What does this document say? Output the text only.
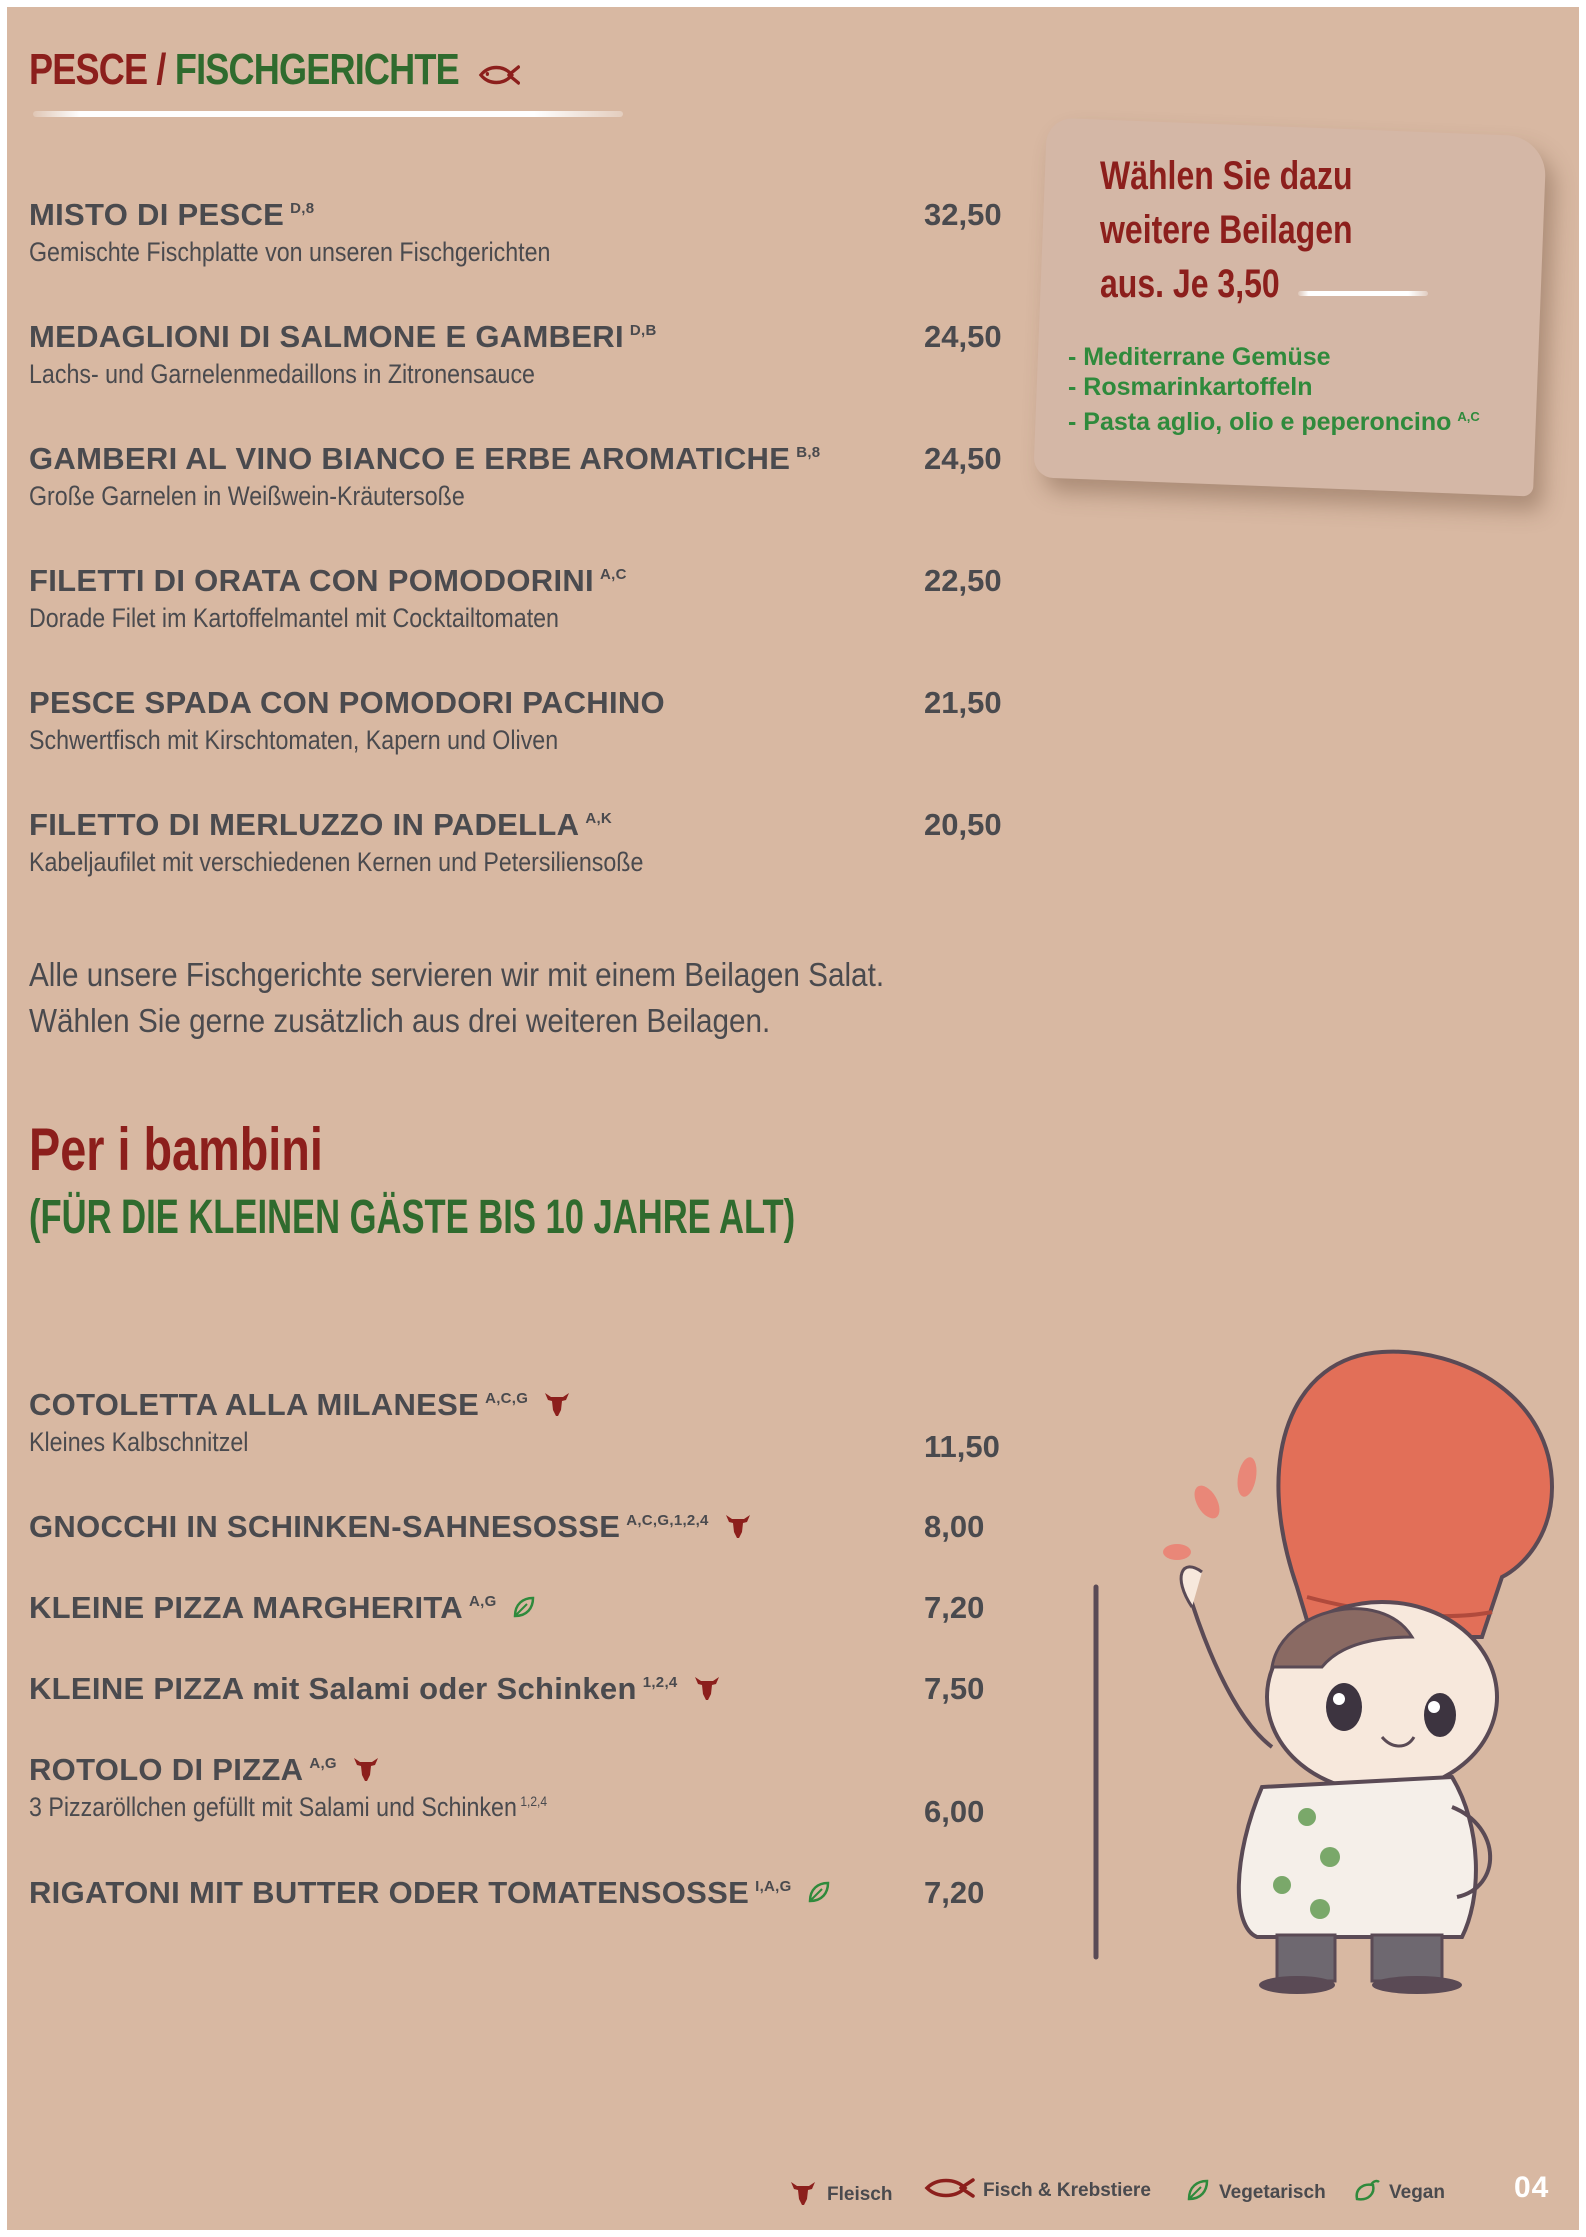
PESCE / FISCHGERICHTE
MISTO DI PESCE $^{D,8}$
Gemischte Fischplatte von unseren Fischgerichten
32,50
MEDAGLIONI DI SALMONE E GAMBERI $^{D,B}$
Lachs- und Garnelenmedaillons in Zitronensauce
24,50
GAMBERI AL VINO BIANCO E ERBE AROMATICHE $^{B,8}$
Große Garnelen in Weißwein-Kräutersoße
24,50
FILETTI DI ORATA CON POMODORINI $^{A,C}$
Dorade Filet im Kartoffelmantel mit Cocktailtomaten
22,50
PESCE SPADA CON POMODORI PACHINO
Schwertfisch mit Kirschtomaten, Kapern und Oliven
21,50
FILETTO DI MERLUZZO IN PADELLA $^{A,K}$
Kabeljaufilet mit verschiedenen Kernen und Petersiliensoße
20,50

Alle unsere Fischgerichte servieren wir mit einem Beilagen Salat.
Wählen Sie gerne zusätzlich aus drei weiteren Beilagen.

Wählen Sie dazu
weitere Beilagen
aus. Je 3,50

- Mediterrane Gemüse
- Rosmarinkartoffeln
- Pasta aglio, olio e peperoncino $^{A,C}$
Per i bambini
(FÜR DIE KLEINEN GÄSTE BIS 10 JAHRE ALT)
COTOLETTA ALLA MILANESE $^{A,C,G}$
Kleines Kalbschnitzel	11,50
GNOCCHI IN SCHINKEN-SAHNESOSSE $^{A,C,G,1,2,4}$	8,00
KLEINE PIZZA MARGHERITA $^{A,G}$	7,20
KLEINE PIZZA mit Salami oder Schinken $^{1,2,4}$	7,50
ROTOLO DI PIZZA $^{A,G}$
3 Pizzaröllchen gefüllt mit Salami und Schinken $^{1,2,4}$	6,00
RIGATONI MIT BUTTER ODER TOMATENSOSSE $^{I,A,G}$	7,20
Fleisch	Fisch & Krebstiere	Vegetarisch	Vegan 04
